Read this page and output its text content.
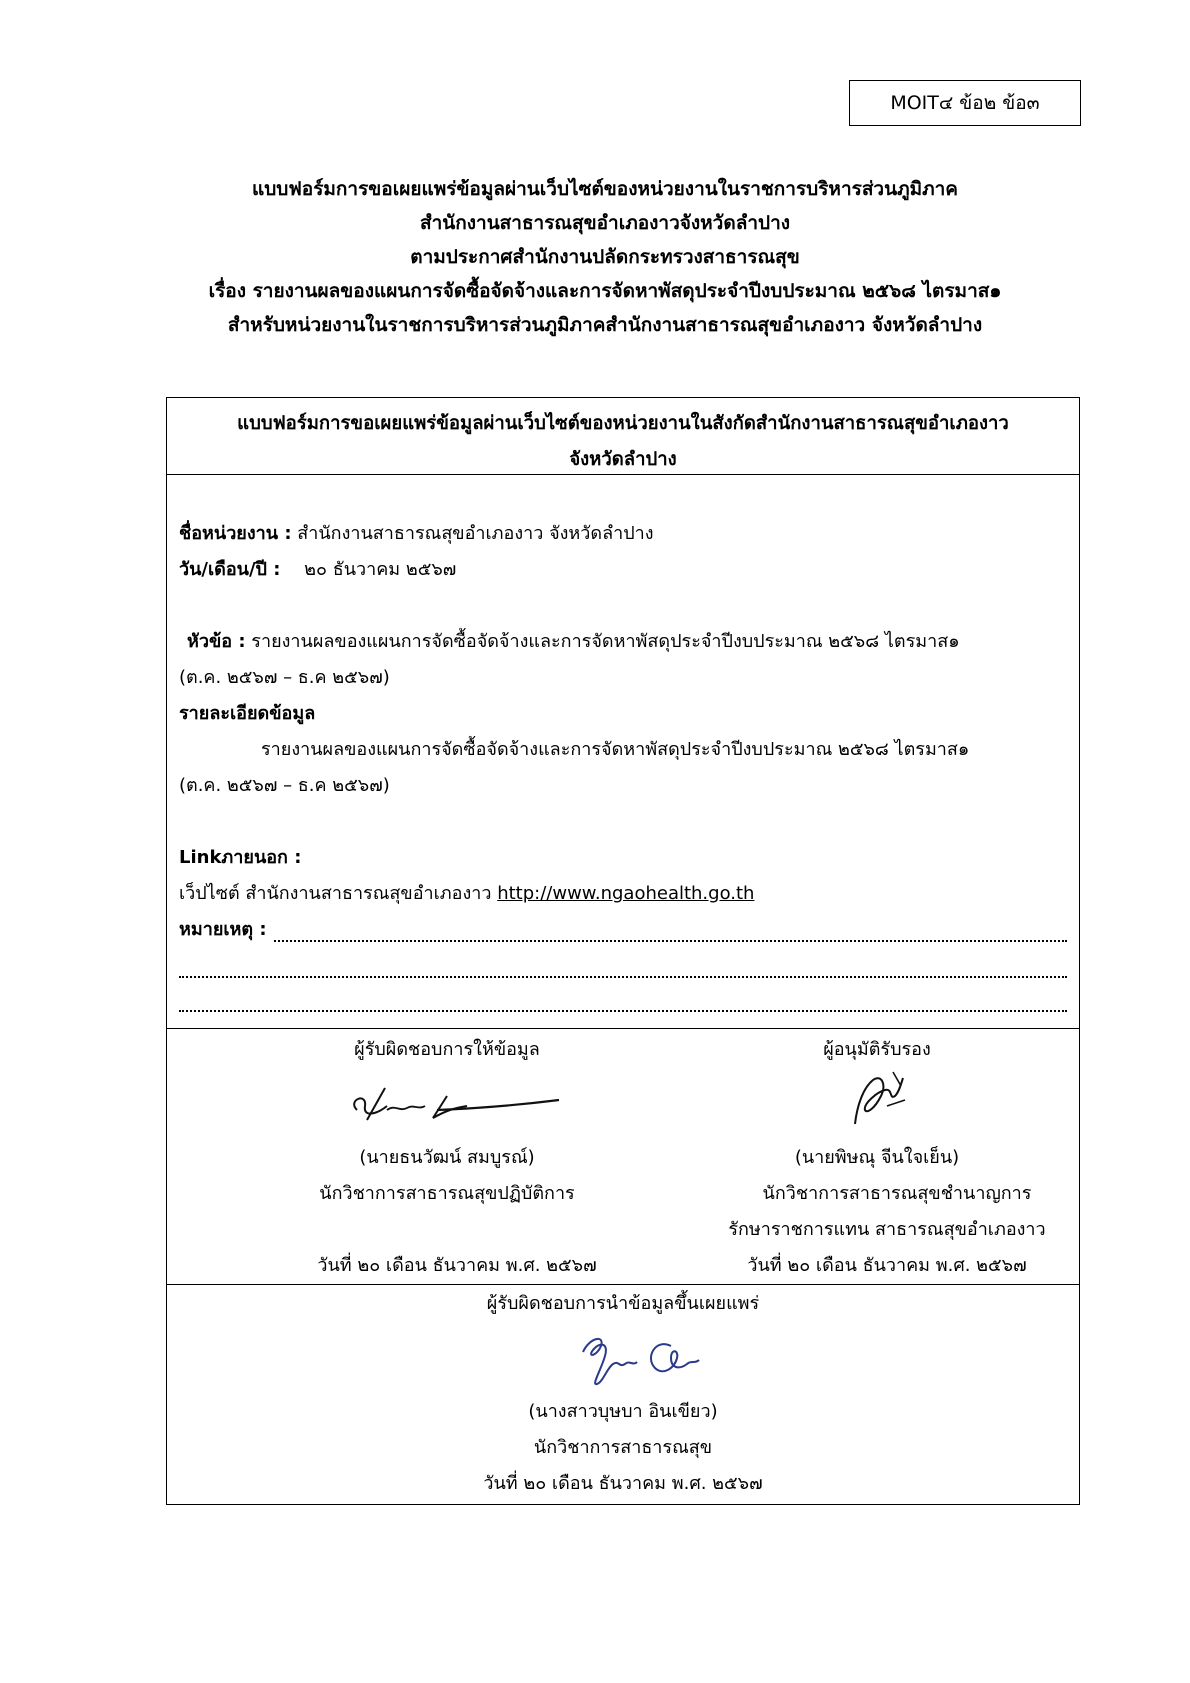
MOIT๔ ข้อ๒ ข้อ๓
แบบฟอร์มการขอเผยแพร่ข้อมูลผ่านเว็บไซต์ของหน่วยงานในราชการบริหารส่วนภูมิภาค
สำนักงานสาธารณสุขอำเภองาวจังหวัดลำปาง
ตามประกาศสำนักงานปลัดกระทรวงสาธารณสุข
เรื่อง รายงานผลของแผนการจัดซื้อจัดจ้างและการจัดหาพัสดุประจำปีงบประมาณ ๒๕๖๘ ไตรมาส๑
สำหรับหน่วยงานในราชการบริหารส่วนภูมิภาคสำนักงานสาธารณสุขอำเภองาว จังหวัดลำปาง
แบบฟอร์มการขอเผยแพร่ข้อมูลผ่านเว็บไซต์ของหน่วยงานในสังกัดสำนักงานสาธารณสุขอำเภองาว
จังหวัดลำปาง
ชื่อหน่วยงาน : สำนักงานสาธารณสุขอำเภองาว จังหวัดลำปาง
วัน/เดือน/ปี : ๒๐ ธันวาคม ๒๕๖๗
หัวข้อ : รายงานผลของแผนการจัดซื้อจัดจ้างและการจัดหาพัสดุประจำปีงบประมาณ ๒๕๖๘ ไตรมาส๑
(ต.ค. ๒๕๖๗ – ธ.ค ๒๕๖๗)
รายละเอียดข้อมูล
รายงานผลของแผนการจัดซื้อจัดจ้างและการจัดหาพัสดุประจำปีงบประมาณ ๒๕๖๘ ไตรมาส๑
(ต.ค. ๒๕๖๗ – ธ.ค ๒๕๖๗)
Linkภายนอก :
เว็ปไซต์ สำนักงานสาธารณสุขอำเภองาว http://www.ngaohealth.go.th
หมายเหตุ :
ผู้รับผิดชอบการให้ข้อมูล
(นายธนวัฒน์ สมบูรณ์)
นักวิชาการสาธารณสุขปฏิบัติการ
วันที่ ๒๐ เดือน ธันวาคม พ.ศ. ๒๕๖๗
ผู้อนุมัติรับรอง
(นายพิษณุ จีนใจเย็น)
นักวิชาการสาธารณสุขชำนาญการ
รักษาราชการแทน สาธารณสุขอำเภองาว
วันที่ ๒๐ เดือน ธันวาคม พ.ศ. ๒๕๖๗
ผู้รับผิดชอบการนำข้อมูลขึ้นเผยแพร่
(นางสาวบุษบา อินเขียว)
นักวิชาการสาธารณสุข
วันที่ ๒๐ เดือน ธันวาคม พ.ศ. ๒๕๖๗
